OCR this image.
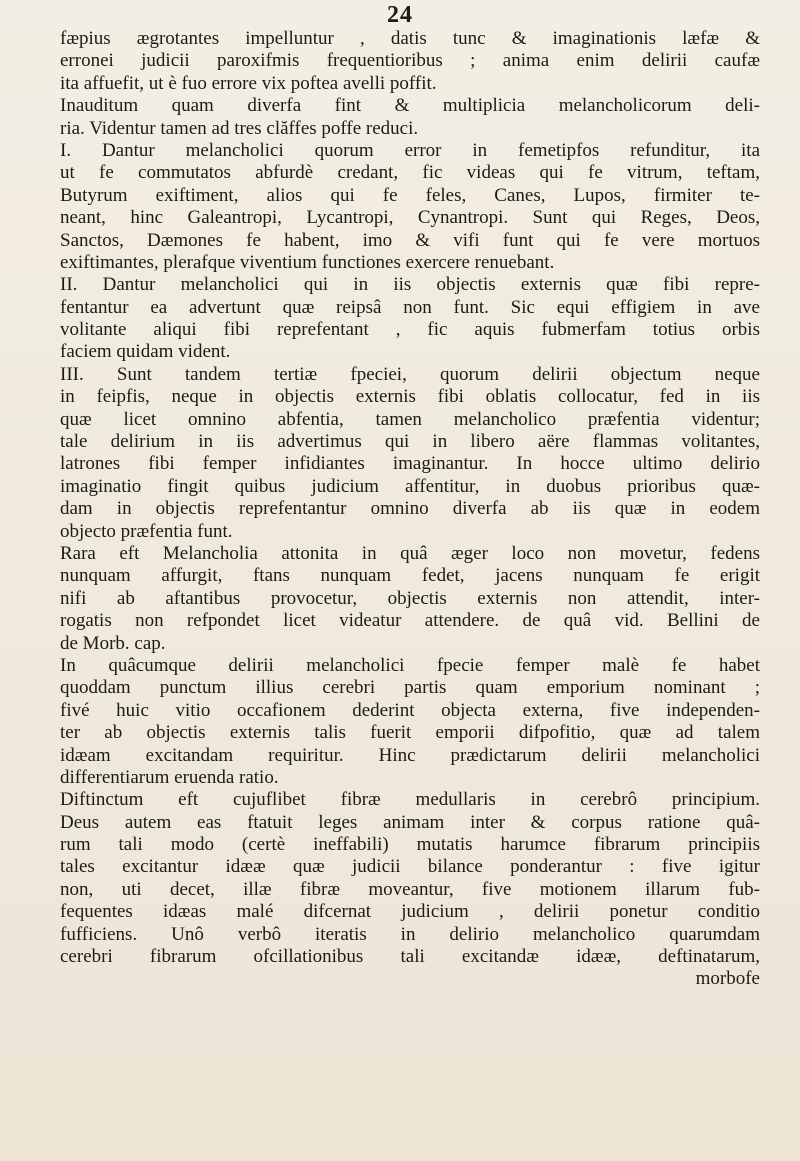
24

fæpius ægrotantes impelluntur , datis tunc & imaginationis læfæ &
erronei judicii paroxifmis frequentioribus ; anima enim delirii caufæ
ita affuefit, ut è fuo errore vix poftea avelli poffit.
Inauditum quam diverfa fint & multiplicia melancholicorum deli-
ria. Videntur tamen ad tres clăffes poffe reduci.
I. Dantur melancholici quorum error in femetipfos refunditur, ita
ut fe commutatos abfurdè credant, fic videas qui fe vitrum, teftam,
Butyrum exiftiment, alios qui fe feles, Canes, Lupos, firmiter te-
neant, hinc Galeantropi, Lycantropi, Cynantropi. Sunt qui Reges, Deos,
Sanctos, Dæmones fe habent, imo & vifi funt qui fe vere mortuos
exiftimantes, plerafque viventium functiones exercere renuebant.
II. Dantur melancholici qui in iis objectis externis quæ fibi repre-
fentantur ea advertunt quæ reipsâ non funt. Sic equi effigiem in ave
volitante aliqui fibi reprefentant , fic aquis fubmerfam totius orbis
faciem quidam vident.
III. Sunt tandem tertiæ fpeciei, quorum delirii objectum neque
in feipfis, neque in objectis externis fibi oblatis collocatur, fed in iis
quæ licet omnino abfentia, tamen melancholico præfentia videntur;
tale delirium in iis advertimus qui in libero aëre flammas volitantes,
latrones fibi femper infidiantes imaginantur. In hocce ultimo delirio
imaginatio fingit quibus judicium affentitur, in duobus prioribus quæ-
dam in objectis reprefentantur omnino diverfa ab iis quæ in eodem
objecto præfentia funt.
Rara eft Melancholia attonita in quâ æger loco non movetur, fedens
nunquam affurgit, ftans nunquam fedet, jacens nunquam fe erigit
nifi ab aftantibus provocetur, objectis externis non attendit, inter-
rogatis non refpondet licet videatur attendere. de quâ vid. Bellini de
de Morb. cap.
In quâcumque delirii melancholici fpecie femper malè fe habet
quoddam punctum illius cerebri partis quam emporium nominant ;
fivé huic vitio occafionem dederint objecta externa, five independen-
ter ab objectis externis talis fuerit emporii difpofitio, quæ ad talem
idæam excitandam requiritur. Hinc prædictarum delirii melancholici
differentiarum eruenda ratio.
Diftinctum eft cujuflibet fibræ medullaris in cerebrô principium.
Deus autem eas ftatuit leges animam inter & corpus ratione quâ-
rum tali modo (certè ineffabili) mutatis harumce fibrarum principiis
tales excitantur idææ quæ judicii bilance ponderantur : five igitur
non, uti decet, illæ fibræ moveantur, five motionem illarum fub-
fequentes idæas malé difcernat judicium , delirii ponetur conditio
fufficiens. Unô verbô iteratis in delirio melancholico quarumdam
cerebri fibrarum ofcillationibus tali excitandæ idææ, deftinatarum,
morbofe
